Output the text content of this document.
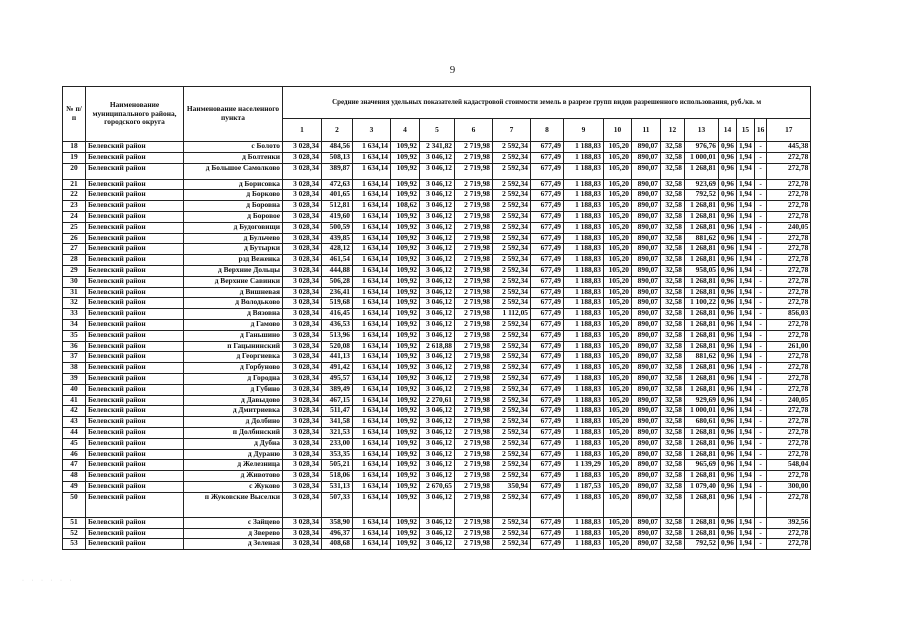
9
№ п/п	Наименование муниципального района, городского округа	Наименование населенного пункта	Средние значения удельных показателей кадастровой стоимости земель в разрезе групп видов разрешенного использования, руб./кв. м																
			1	2	3	4	5	6	7	8	9	10	11	12	13	14	15	16	17
18	Белевский район	с Болото	3 028,34	484,56	1 634,14	109,92	2 341,82	2 719,98	2 592,34	677,49	1 188,83	105,20	890,07	32,58	976,76	0,96	1,94	-	445,38
19	Белевский район	д Болтенки	3 028,34	508,13	1 634,14	109,92	3 046,12	2 719,98	2 592,34	677,49	1 188,83	105,20	890,07	32,58	1 000,01	0,96	1,94	-	272,78
20	Белевский район	д Большое Самолково	3 028,34	389,87	1 634,14	109,92	3 046,12	2 719,98	2 592,34	677,49	1 188,83	105,20	890,07	32,58	1 268,81	0,96	1,94	-	272,78
21	Белевский район	д Борисовка	3 028,34	472,63	1 634,14	109,92	3 046,12	2 719,98	2 592,34	677,49	1 188,83	105,20	890,07	32,58	923,69	0,96	1,94	-	272,78
22	Белевский район	д Борково	3 028,34	401,65	1 634,14	109,92	3 046,12	2 719,98	2 592,34	677,49	1 188,83	105,20	890,07	32,58	792,52	0,96	1,94	-	272,78
23	Белевский район	д Боровна	3 028,34	512,81	1 634,14	108,62	3 046,12	2 719,98	2 592,34	677,49	1 188,83	105,20	890,07	32,58	1 268,81	0,96	1,94	-	272,78
24	Белевский район	д Боровое	3 028,34	419,60	1 634,14	109,92	3 046,12	2 719,98	2 592,34	677,49	1 188,83	105,20	890,07	32,58	1 268,81	0,96	1,94	-	272,78
25	Белевский район	д Будоговищи	3 028,34	500,59	1 634,14	109,92	3 046,12	2 719,98	2 592,34	677,49	1 188,83	105,20	890,07	32,58	1 268,81	0,96	1,94	-	240,05
26	Белевский район	д Бульчево	3 028,34	439,85	1 634,14	109,92	3 046,12	2 719,98	2 592,34	677,49	1 188,83	105,20	890,07	32,58	881,62	0,96	1,94	-	272,78
27	Белевский район	д Бутырки	3 028,34	428,12	1 634,14	109,92	3 046,12	2 719,98	2 592,34	677,49	1 188,83	105,20	890,07	32,58	1 268,81	0,96	1,94	-	272,78
28	Белевский район	рзд Веженка	3 028,34	461,54	1 634,14	109,92	3 046,12	2 719,98	2 592,34	677,49	1 188,83	105,20	890,07	32,58	1 268,81	0,96	1,94	-	272,78
29	Белевский район	д Верхние Дольцы	3 028,34	444,88	1 634,14	109,92	3 046,12	2 719,98	2 592,34	677,49	1 188,83	105,20	890,07	32,58	958,05	0,96	1,94	-	272,78
30	Белевский район	д Верхние Савинки	3 028,34	506,28	1 634,14	109,92	3 046,12	2 719,98	2 592,34	677,49	1 188,83	105,20	890,07	32,58	1 268,81	0,96	1,94	-	272,78
31	Белевский район	д Вишневая	3 028,34	236,41	1 634,14	109,92	3 046,12	2 719,98	2 592,34	677,49	1 188,83	105,20	890,07	32,58	1 268,81	0,96	1,94	-	272,78
32	Белевский район	д Володьково	3 028,34	519,68	1 634,14	109,92	3 046,12	2 719,98	2 592,34	677,49	1 188,83	105,20	890,07	32,58	1 100,22	0,96	1,94	-	272,78
33	Белевский район	д Вязовна	3 028,34	416,45	1 634,14	109,92	3 046,12	2 719,98	1 112,05	677,49	1 188,83	105,20	890,07	32,58	1 268,81	0,96	1,94	-	856,03
34	Белевский район	д Гамово	3 028,34	436,53	1 634,14	109,92	3 046,12	2 719,98	2 592,34	677,49	1 188,83	105,20	890,07	32,58	1 268,81	0,96	1,94	-	272,78
35	Белевский район	д Ганьшино	3 028,34	513,96	1 634,14	109,92	3 046,12	2 719,98	2 592,34	677,49	1 188,83	105,20	890,07	32,58	1 268,81	0,96	1,94	-	272,78
36	Белевский район	п Гацынинский	3 028,34	520,08	1 634,14	109,92	2 618,88	2 719,98	2 592,34	677,49	1 188,83	105,20	890,07	32,58	1 268,81	0,96	1,94	-	261,00
37	Белевский район	д Георгиевка	3 028,34	441,13	1 634,14	109,92	3 046,12	2 719,98	2 592,34	677,49	1 188,83	105,20	890,07	32,58	881,62	0,96	1,94	-	272,78
38	Белевский район	д Горбуново	3 028,34	491,42	1 634,14	109,92	3 046,12	2 719,98	2 592,34	677,49	1 188,83	105,20	890,07	32,58	1 268,81	0,96	1,94	-	272,78
39	Белевский район	д Городна	3 028,34	495,57	1 634,14	109,92	3 046,12	2 719,98	2 592,34	677,49	1 188,83	105,20	890,07	32,58	1 268,81	0,96	1,94	-	272,78
40	Белевский район	д Губино	3 028,34	389,49	1 634,14	109,92	3 046,12	2 719,98	2 592,34	677,49	1 188,83	105,20	890,07	32,58	1 268,81	0,96	1,94	-	272,78
41	Белевский район	д Давыдово	3 028,34	467,15	1 634,14	109,92	2 270,61	2 719,98	2 592,34	677,49	1 188,83	105,20	890,07	32,58	929,69	0,96	1,94	-	240,05
42	Белевский район	д Дмитриевка	3 028,34	511,47	1 634,14	109,92	3 046,12	2 719,98	2 592,34	677,49	1 188,83	105,20	890,07	32,58	1 000,01	0,96	1,94	-	272,78
43	Белевский район	д Долбино	3 028,34	341,58	1 634,14	109,92	3 046,12	2 719,98	2 592,34	677,49	1 188,83	105,20	890,07	32,58	680,61	0,96	1,94	-	272,78
44	Белевский район	п Долбинский	3 028,34	321,53	1 634,14	109,92	3 046,12	2 719,98	2 592,34	677,49	1 188,83	105,20	890,07	32,58	1 268,81	0,96	1,94	-	272,78
45	Белевский район	д Дубна	3 028,34	233,00	1 634,14	109,92	3 046,12	2 719,98	2 592,34	677,49	1 188,83	105,20	890,07	32,58	1 268,81	0,96	1,94	-	272,78
46	Белевский район	д Дураню	3 028,34	353,35	1 634,14	109,92	3 046,12	2 719,98	2 592,34	677,49	1 188,83	105,20	890,07	32,58	1 268,81	0,96	1,94	-	272,78
47	Белевский район	д Железница	3 028,34	505,21	1 634,14	109,92	3 046,12	2 719,98	2 592,34	677,49	1 139,29	105,20	890,07	32,58	965,69	0,96	1,94	-	548,04
48	Белевский район	д Животово	3 028,34	518,06	1 634,14	109,92	3 046,12	2 719,98	2 592,34	677,49	1 188,83	105,20	890,07	32,58	1 268,81	0,96	1,94	-	272,78
49	Белевский район	с Жуково	3 028,34	531,13	1 634,14	109,92	2 670,65	2 719,98	350,94	677,49	1 187,53	105,20	890,07	32,58	1 079,40	0,96	1,94	-	300,00
50	Белевский район	п Жуковские Выселки	3 028,34	507,33	1 634,14	109,92	3 046,12	2 719,98	2 592,34	677,49	1 188,83	105,20	890,07	32,58	1 268,81	0,96	1,94	-	272,78
51	Белевский район	с Зайцево	3 028,34	358,90	1 634,14	109,92	3 046,12	2 719,98	2 592,34	677,49	1 188,83	105,20	890,07	32,58	1 268,81	0,96	1,94	-	392,56
52	Белевский район	д Зверево	3 028,34	496,37	1 634,14	109,92	3 046,12	2 719,98	2 592,34	677,49	1 188,83	105,20	890,07	32,58	1 268,81	0,96	1,94	-	272,78
53	Белевский район	д Зеленая	3 028,34	408,68	1 634,14	109,92	3 046,12	2 719,98	2 592,34	677,49	1 188,83	105,20	890,07	32,58	792,52	0,96	1,94	-	272,78
· · · · · ·
